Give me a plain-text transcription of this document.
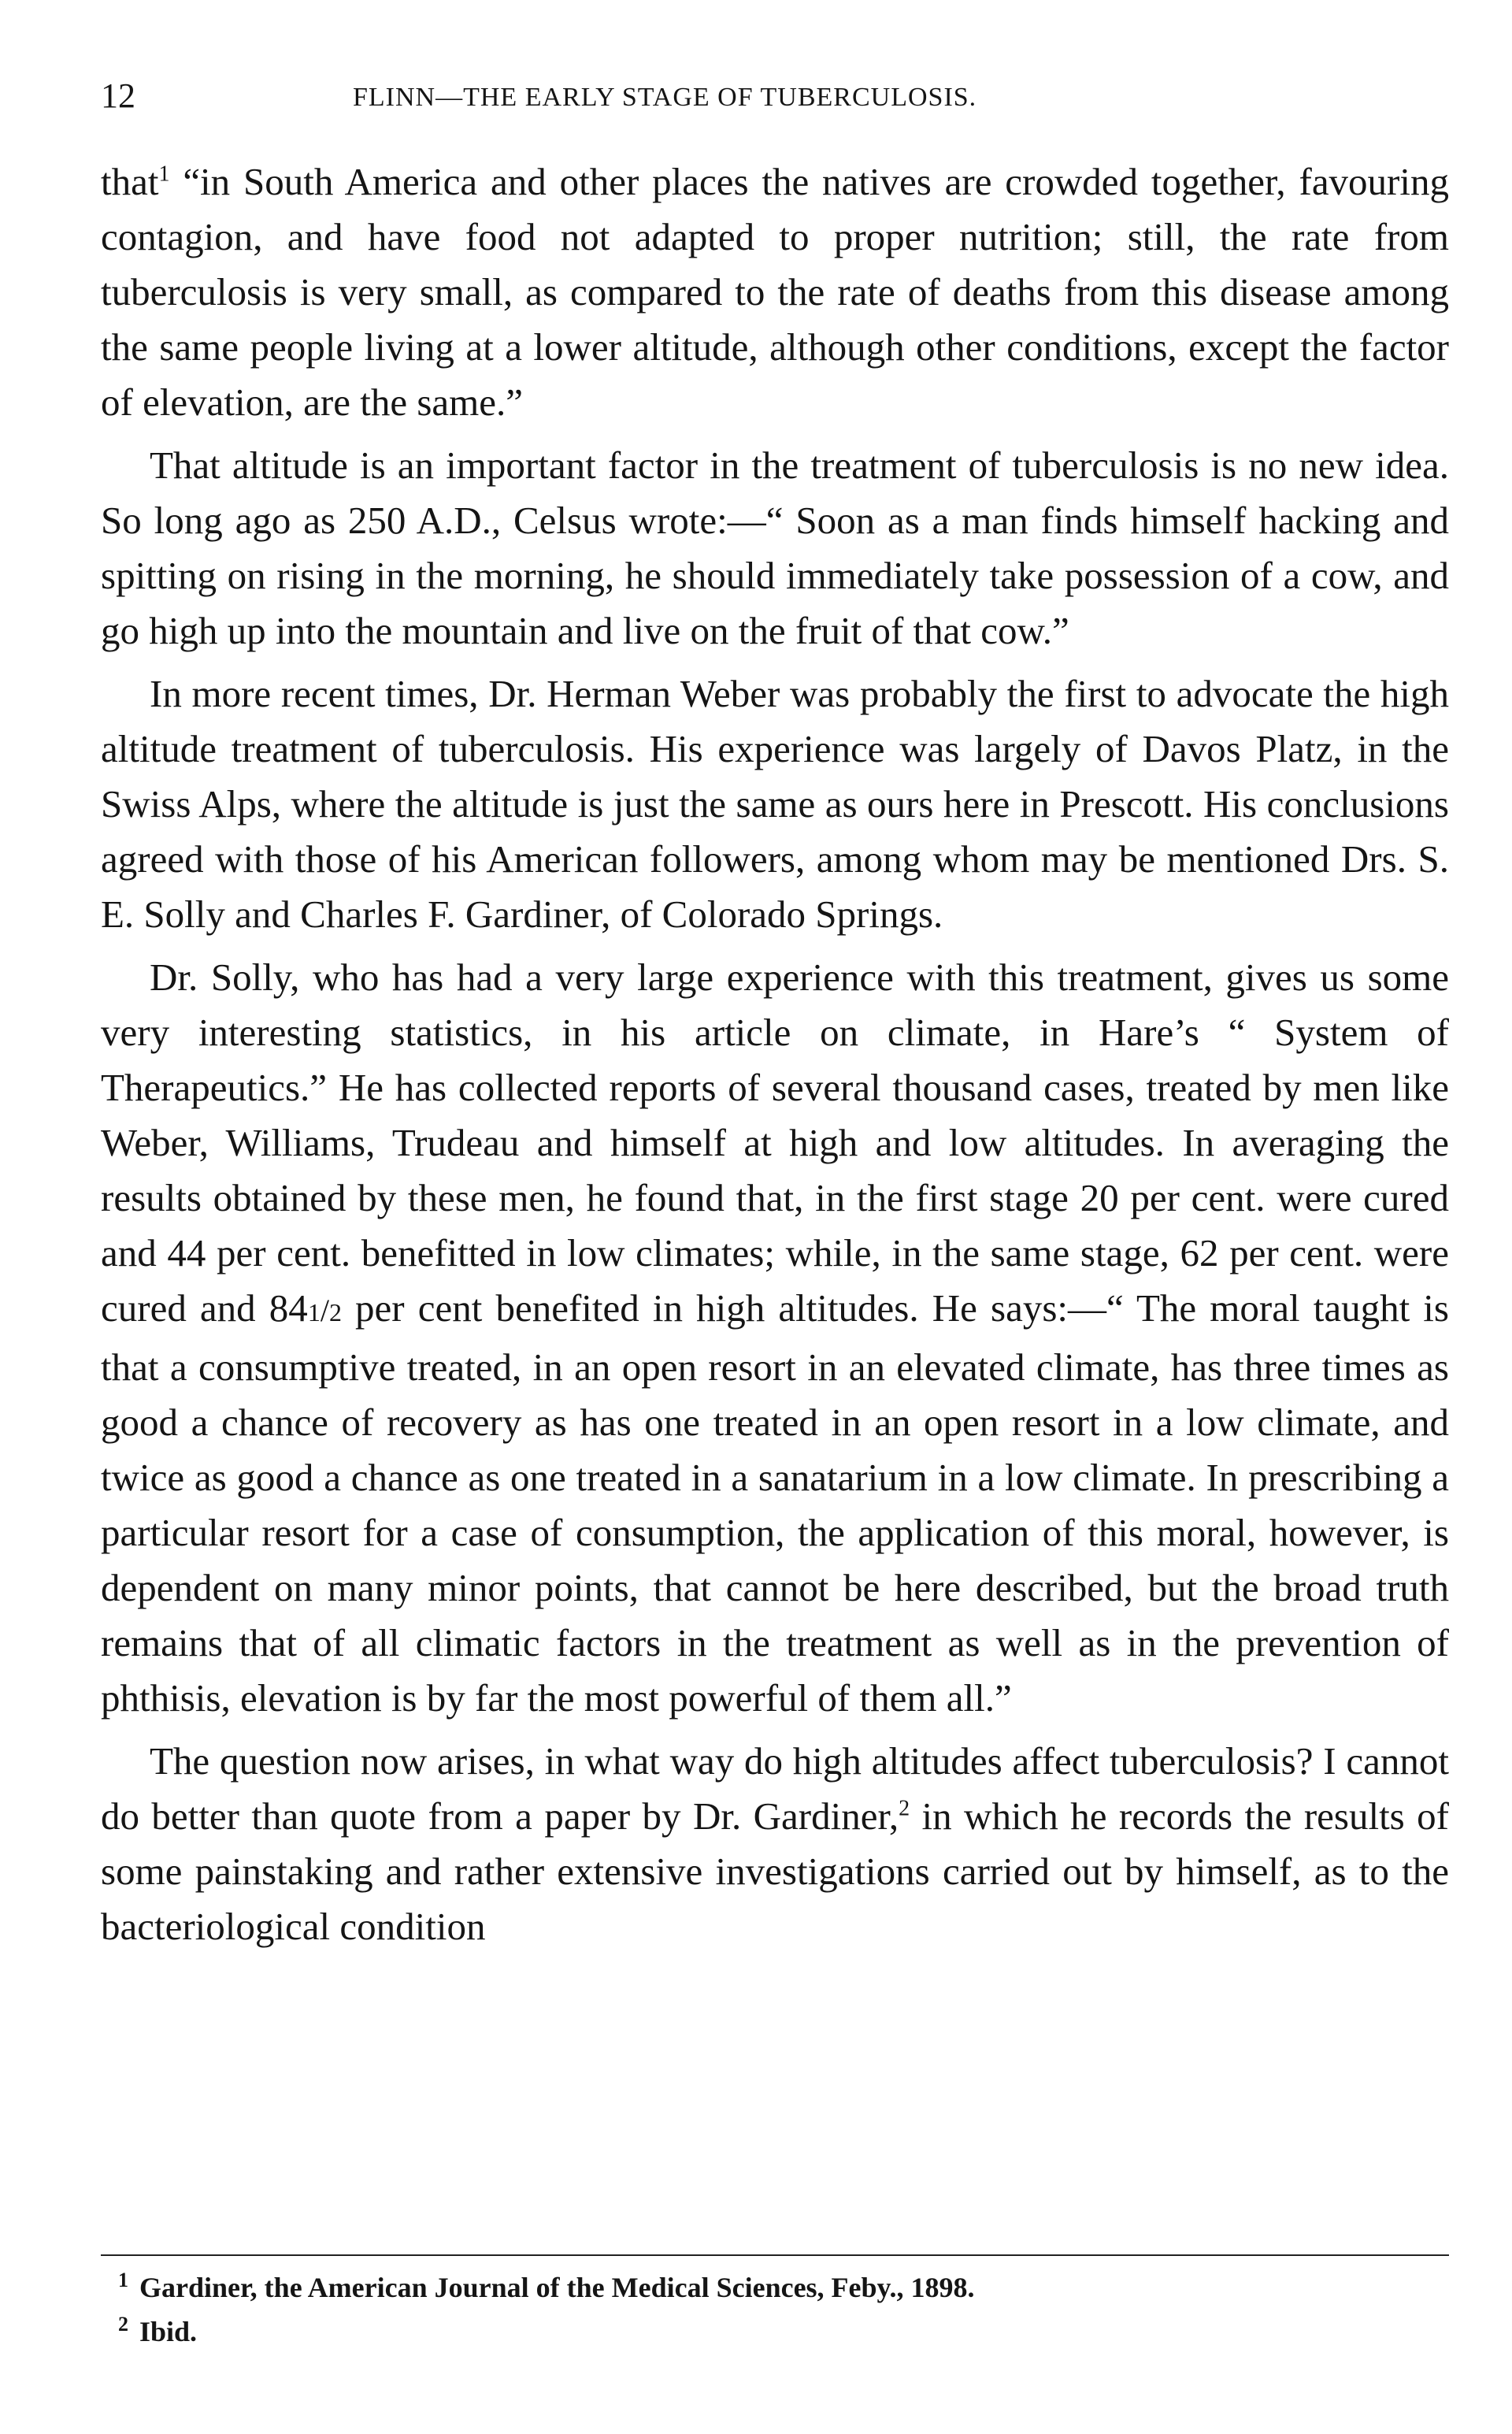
12	FLINN—THE EARLY STAGE OF TUBERCULOSIS.

that$^1$ “in South America and other places the natives are crowded together, favouring contagion, and have food not adapted to proper nutrition; still, the rate from tuberculosis is very small, as compared to the rate of deaths from this disease among the same people living at a lower altitude, although other conditions, except the factor of elevation, are the same.”

That altitude is an important factor in the treatment of tuberculosis is no new idea. So long ago as 250 A.D., Celsus wrote:—“ Soon as a man finds himself hacking and spitting on rising in the morning, he should immediately take possession of a cow, and go high up into the mountain and live on the fruit of that cow.”

In more recent times, Dr. Herman Weber was probably the first to advocate the high altitude treatment of tuberculosis. His experience was largely of Davos Platz, in the Swiss Alps, where the altitude is just the same as ours here in Prescott. His conclusions agreed with those of his American followers, among whom may be mentioned Drs. S. E. Solly and Charles F. Gardiner, of Colorado Springs.

Dr. Solly, who has had a very large experience with this treatment, gives us some very interesting statistics, in his article on climate, in Hare’s “ System of Therapeutics.” He has collected reports of several thousand cases, treated by men like Weber, Williams, Trudeau and himself at high and low altitudes. In averaging the results obtained by these men, he found that, in the first stage 20 per cent. were cured and 44 per cent. benefitted in low climates; while, in the same stage, 62 per cent. were cured and 841/2 per cent benefited in high altitudes. He says:—“ The moral taught is that a consumptive treated, in an open resort in an elevated climate, has three times as good a chance of recovery as has one treated in an open resort in a low climate, and twice as good a chance as one treated in a sanatarium in a low climate. In prescribing a particular resort for a case of consumption, the application of this moral, however, is dependent on many minor points, that cannot be here described, but the broad truth remains that of all climatic factors in the treatment as well as in the prevention of phthisis, elevation is by far the most powerful of them all.”

The question now arises, in what way do high altitudes affect tuberculosis? I cannot do better than quote from a paper by Dr. Gardiner,$^2$ in which he records the results of some painstaking and rather extensive investigations carried out by himself, as to the bacteriological condition

$^1$ Gardiner, the American Journal of the Medical Sciences, Feby., 1898.

$^2$ Ibid.
